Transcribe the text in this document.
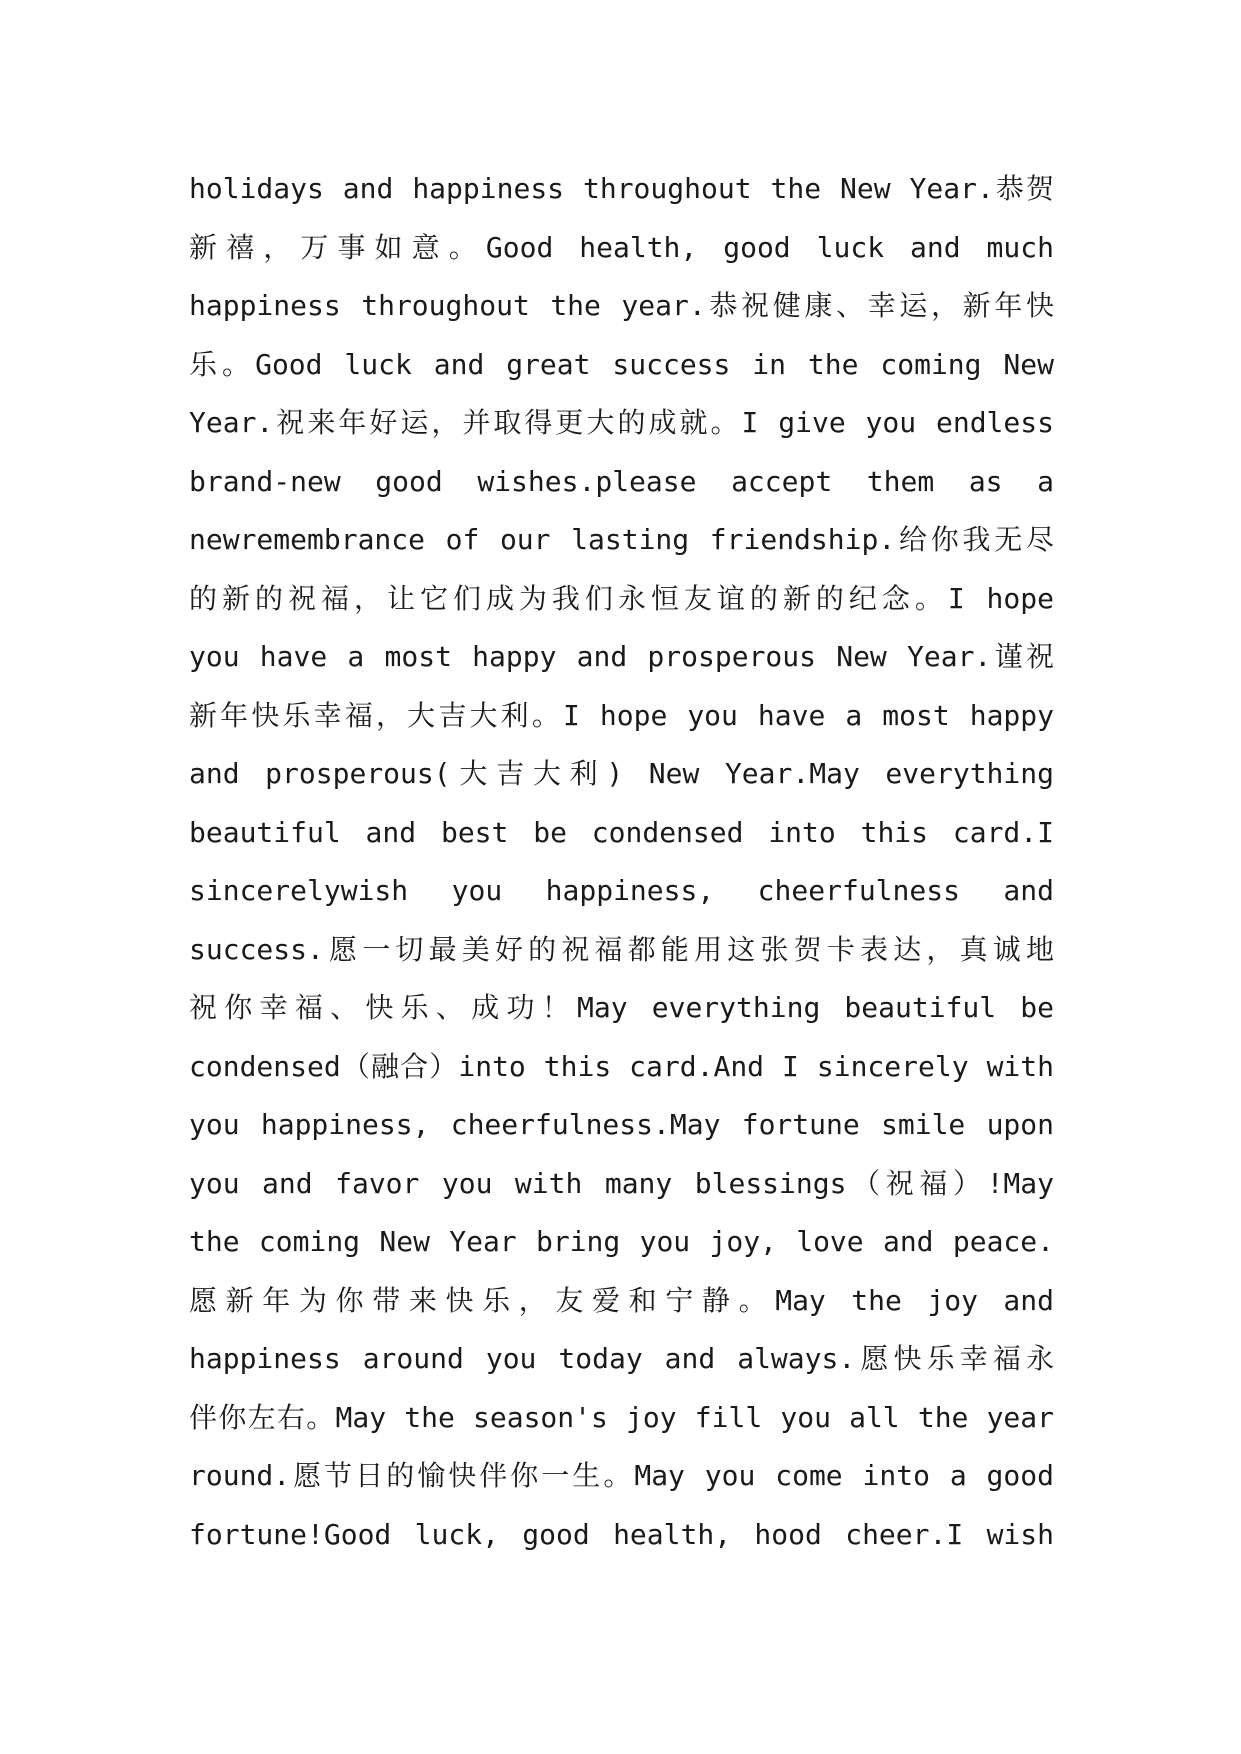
holidays and happiness throughout the New Year.恭贺
新禧，万事如意。Good health, good luck and much
happiness throughout the year.恭祝健康、幸运，新年快
乐。Good luck and great success in the coming New
Year.祝来年好运，并取得更大的成就。I give you endless
brand-new good wishes.please accept them as a
newremembrance of our lasting friendship.给你我无尽
的新的祝福，让它们成为我们永恒友谊的新的纪念。I hope
you have a most happy and prosperous New Year.谨祝
新年快乐幸福，大吉大利。I hope you have a most happy
and prosperous(大吉大利) New Year.May everything
beautiful and best be condensed into this card.I
sincerelywish you happiness, cheerfulness and
success.愿一切最美好的祝福都能用这张贺卡表达，真诚地
祝你幸福、快乐、成功！May everything beautiful be
condensed（融合）into this card.And I sincerely with
you happiness, cheerfulness.May fortune smile upon
you and favor you with many blessings（祝福）!May
the coming New Year bring you joy, love and peace.
愿新年为你带来快乐，友爱和宁静。May the joy and
happiness around you today and always.愿快乐幸福永
伴你左右。May the season's joy fill you all the year
round.愿节日的愉快伴你一生。May you come into a good
fortune!Good luck, good health, hood cheer.I wish
